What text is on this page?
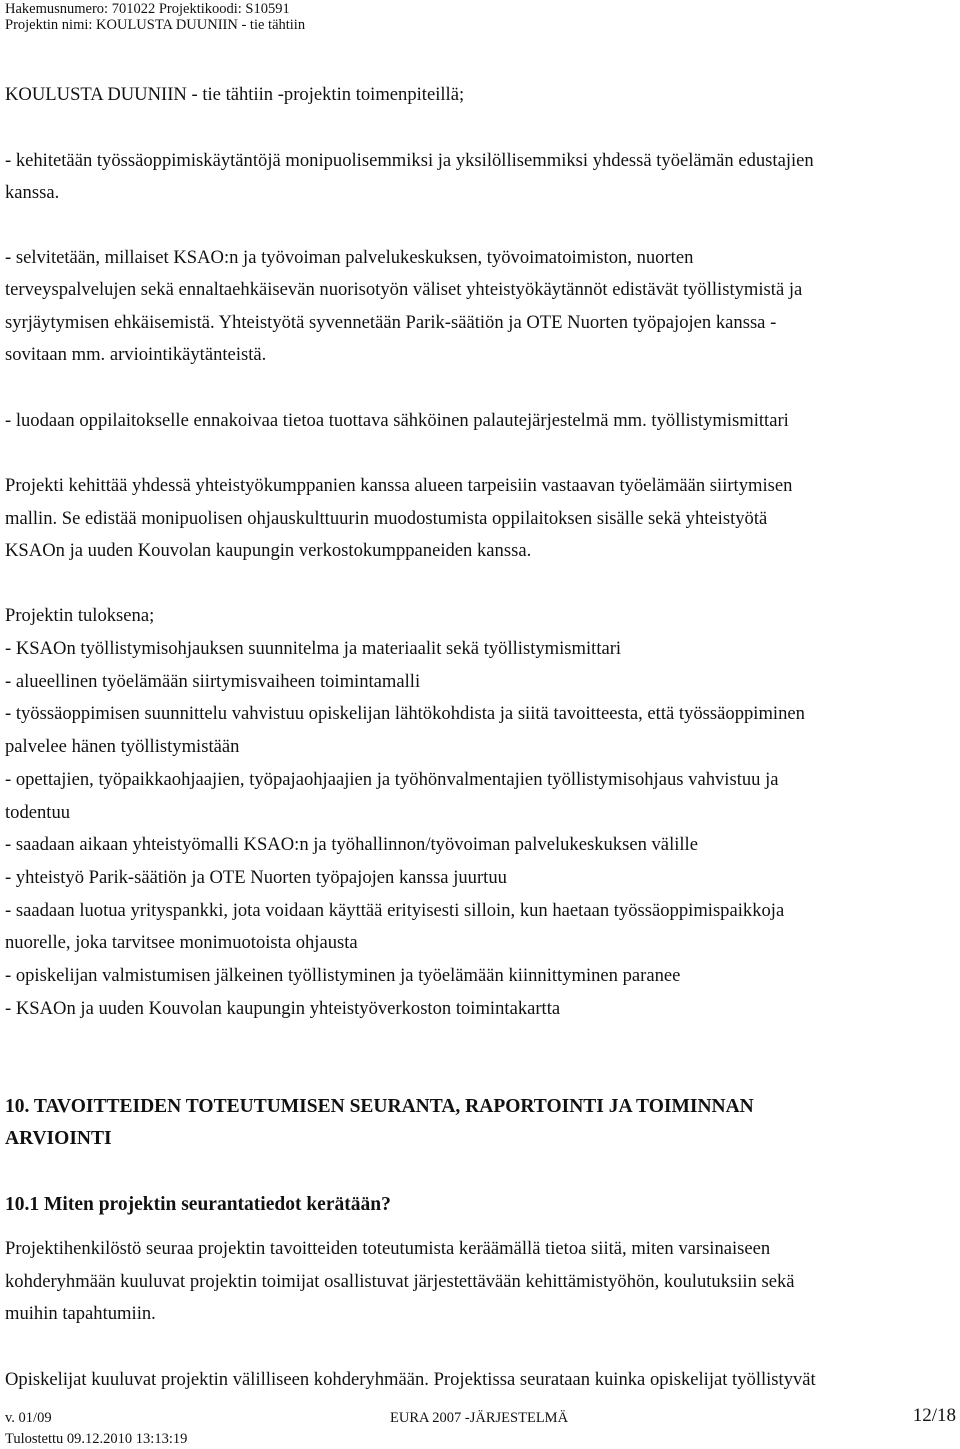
Hakemusnumero: 701022 Projektikoodi: S10591
Projektin nimi: KOULUSTA DUUNIIN - tie tähtiin

KOULUSTA DUUNIIN - tie tähtiin -projektin toimenpiteillä;

- kehitetään työssäoppimiskäytäntöjä monipuolisemmiksi ja yksilöllisemmiksi yhdessä työelämän edustajien

kanssa.

- selvitetään, millaiset KSAO:n ja työvoiman palvelukeskuksen, työvoimatoimiston, nuorten

terveyspalvelujen sekä ennaltaehkäisevän nuorisotyön väliset yhteistyökäytännöt edistävät työllistymistä ja

syrjäytymisen ehkäisemistä. Yhteistyötä syvennetään Parik-säätiön ja OTE Nuorten työpajojen kanssa -

sovitaan mm. arviointikäytänteistä.

- luodaan oppilaitokselle ennakoivaa tietoa tuottava sähköinen palautejärjestelmä mm. työllistymismittari

Projekti kehittää yhdessä yhteistyökumppanien kanssa alueen tarpeisiin vastaavan työelämään siirtymisen

mallin. Se edistää monipuolisen ohjauskulttuurin muodostumista oppilaitoksen sisälle sekä yhteistyötä

KSAOn ja uuden Kouvolan kaupungin verkostokumppaneiden kanssa.

Projektin tuloksena;

- KSAOn työllistymisohjauksen suunnitelma ja materiaalit sekä työllistymismittari

- alueellinen työelämään siirtymisvaiheen toimintamalli

- työssäoppimisen suunnittelu vahvistuu opiskelijan lähtökohdista ja siitä tavoitteesta, että työssäoppiminen

palvelee hänen työllistymistään

- opettajien, työpaikkaohjaajien, työpajaohjaajien ja työhönvalmentajien työllistymisohjaus vahvistuu ja

todentuu

- saadaan aikaan yhteistyömalli KSAO:n ja työhallinnon/työvoiman palvelukeskuksen välille

- yhteistyö Parik-säätiön ja OTE Nuorten työpajojen kanssa juurtuu

- saadaan luotua yrityspankki, jota voidaan käyttää erityisesti silloin, kun haetaan työssäoppimispaikkoja

nuorelle, joka tarvitsee monimuotoista ohjausta

- opiskelijan valmistumisen jälkeinen työllistyminen ja työelämään kiinnittyminen paranee

- KSAOn ja uuden Kouvolan kaupungin yhteistyöverkoston toimintakartta

10. TAVOITTEIDEN TOTEUTUMISEN SEURANTA, RAPORTOINTI JA TOIMINNAN

ARVIOINTI

10.1 Miten projektin seurantatiedot kerätään?

Projektihenkilöstö seuraa projektin tavoitteiden toteutumista keräämällä tietoa siitä, miten varsinaiseen

kohderyhmään kuuluvat projektin toimijat osallistuvat järjestettävään kehittämistyöhön, koulutuksiin sekä

muihin tapahtumiin.

Opiskelijat kuuluvat projektin välilliseen kohderyhmään. Projektissa seurataan kuinka opiskelijat työllistyvät

v. 01/09	EURA 2007 -JÄRJESTELMÄ	12/18
Tulostettu 09.12.2010 13:13:19
